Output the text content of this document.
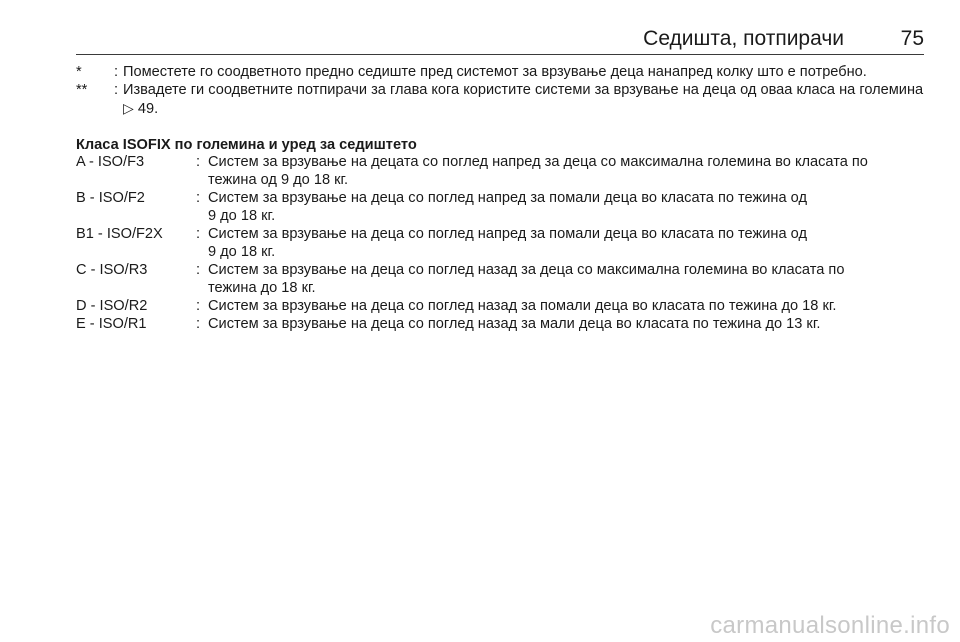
Седишта, потпирачи	75
* : Поместете го соодветното предно седиште пред системот за врзување деца нанапред колку што е потребно.
** : Извадете ги соодветните потпирачи за глава кога користите системи за врзување на деца од оваа класа на големина ▷ 49.
Класа ISOFIX по големина и уред за седиштето
A - ISO/F3	: Систем за врзување на децата со поглед напред за деца со максимална големина во класата по
тежина од 9 до 18 кг.
B - ISO/F2	: Систем за врзување на деца со поглед напред за помали деца во класата по тежина од
9 до 18 кг.
B1 - ISO/F2X : Систем за врзување на деца со поглед напред за помали деца во класата по тежина од
9 до 18 кг.
C - ISO/R3	: Систем за врзување на деца со поглед назад за деца со максимална големина во класата по
тежина до 18 кг.
D - ISO/R2	: Систем за врзување на деца со поглед назад за помали деца во класата по тежина до 18 кг.
E - ISO/R1	: Систем за врзување на деца со поглед назад за мали деца во класата по тежина до 13 кг.
carmanualsonline.info
